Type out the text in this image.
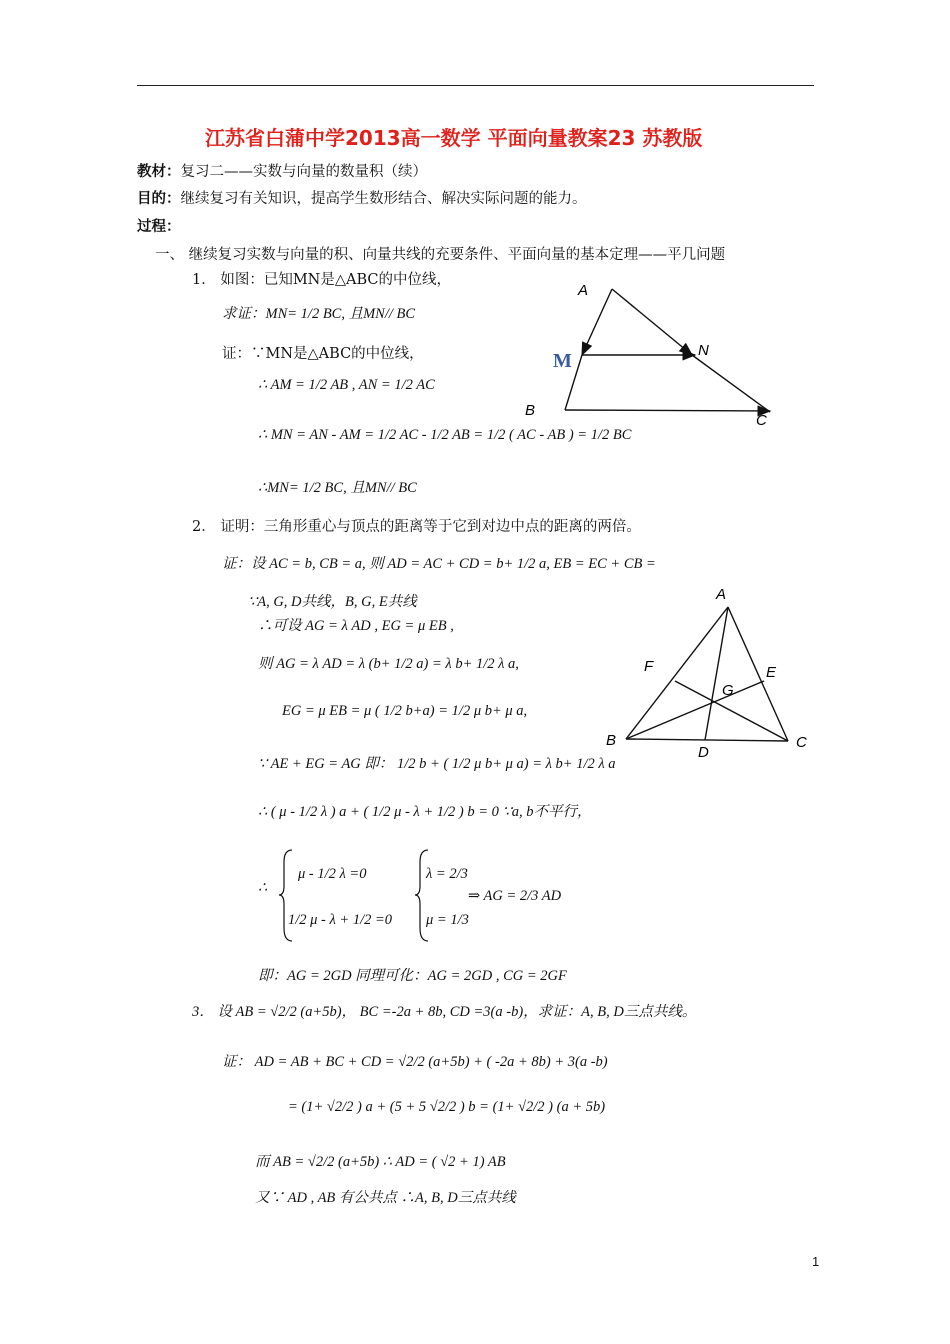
江苏省白蒲中学2013高一数学 平面向量教案23 苏教版
教材：复习二——实数与向量的数量积（续）
目的：继续复习有关知识，提高学生数形结合、解决实际问题的能力。
过程：
一、 继续复习实数与向量的积、向量共线的充要条件、平面向量的基本定理——平几问题
1． 如图：已知MN是△ABC的中位线，
求证：MN= 1/2 BC, 且MN// BC
证：∵MN是△ABC的中位线，
∴ AM = 1/2 AB , AN = 1/2 AC
∴ MN = AN - AM = 1/2 AC - 1/2 AB = 1/2 ( AC - AB ) = 1/2 BC
∴MN= 1/2 BC, 且MN// BC
A
M	N
B
C
2． 证明：三角形重心与顶点的距离等于它到对边中点的距离的两倍。
证：设 AC = b, CB = a, 则 AD = AC + CD = b+ 1/2 a, EB = EC + CB =
∵A, G, D共线，B, G, E共线
∴可设 AG = λ AD , EG = μ EB ,
则 AG = λ AD = λ (b+ 1/2 a) = λ b+ 1/2 λ a,
EG = μ EB = μ ( 1/2 b+a) = 1/2 μ b+ μ a,
∵ AE + EG = AG 即： 1/2 b + ( 1/2 μ b+ μ a) = λ b+ 1/2 λ a
∴ ( μ - 1/2 λ ) a + ( 1/2 μ - λ + 1/2 ) b = 0 ∵a, b不平行，
∴
μ - 1/2 λ =0
1/2 μ - λ + 1/2 =0
λ = 2/3
μ = 1/3
⇒ AG = 2/3 AD
即：AG = 2GD 同理可化：AG = 2GD , CG = 2GF
A
F	E
G
B
D
C
3． 设 AB = √2/2 (a+5b)， BC =-2a + 8b, CD =3(a -b)，求证：A, B, D三点共线。
证： AD = AB + BC + CD = √2/2 (a+5b) + ( -2a + 8b) + 3(a -b)
= (1+ √2/2 ) a + (5 + 5 √2/2 ) b = (1+ √2/2 ) (a + 5b)
而 AB = √2/2 (a+5b) ∴ AD = ( √2 + 1) AB
又∵ AD , AB 有公共点 ∴A, B, D三点共线
1
